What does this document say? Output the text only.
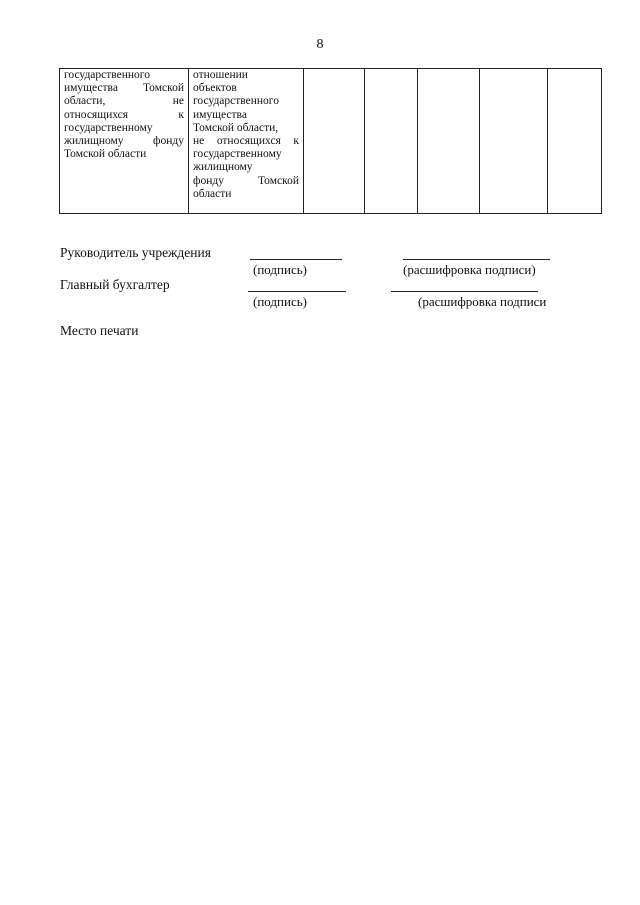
8
государственного
имущества Томской
области, не
относящихся к
государственному
жилищному фонду
Томской области

отношении
объектов
государственного
имущества
Томской области,
не относящихся к
государственному
жилищному
фонду Томской
области

Руководитель учреждения
(подпись)	(расшифровка подписи)
Главный бухгалтер
(подпись)	(расшифровка подписи
Место печати
